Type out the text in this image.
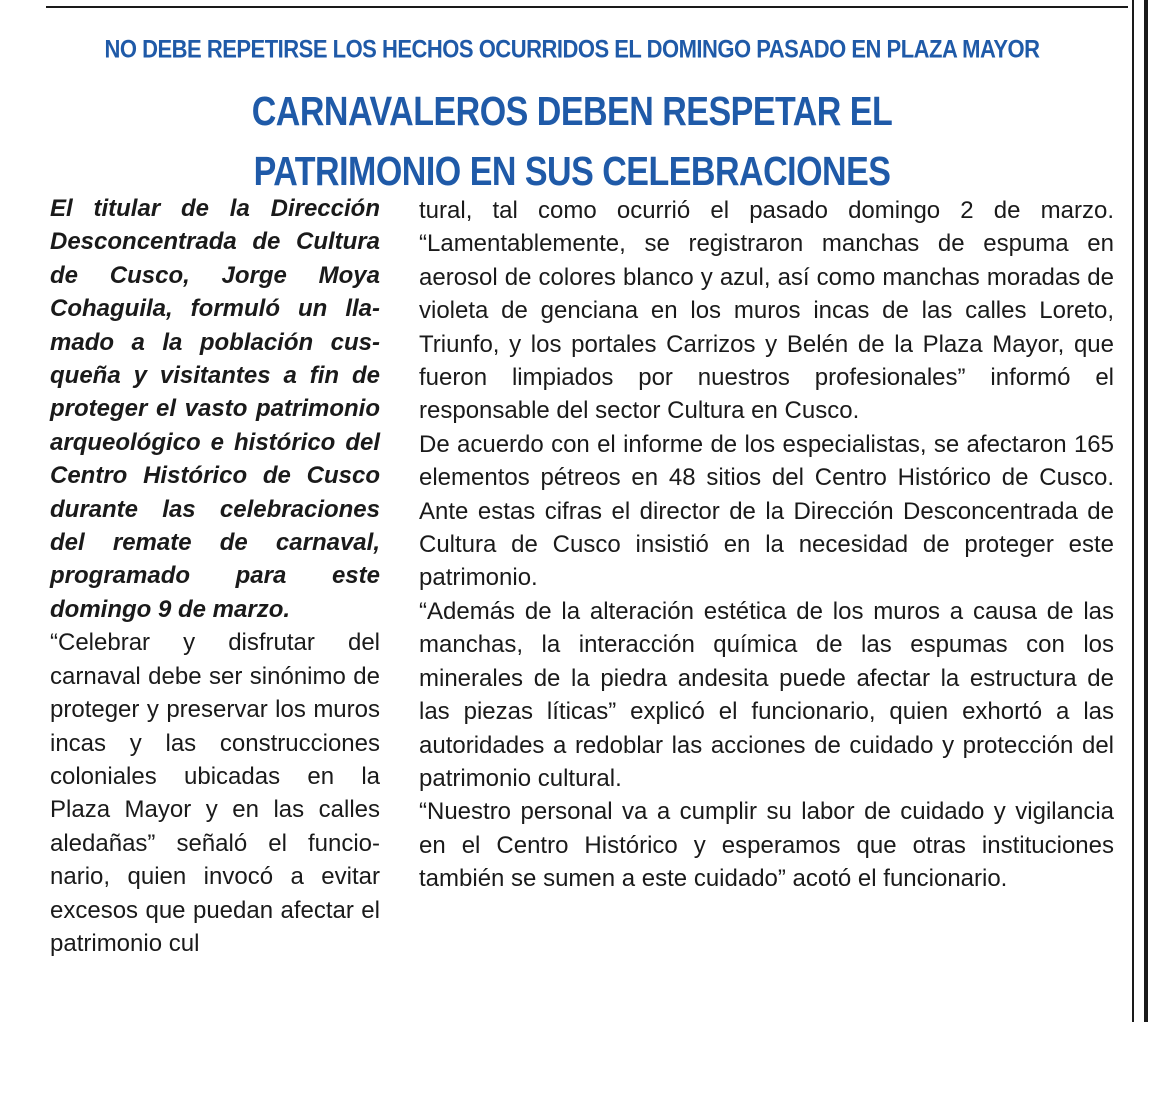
NO DEBE REPETIRSE LOS HECHOS OCURRIDOS EL DOMINGO PASADO EN PLAZA MAYOR
CARNAVALEROS DEBEN RESPETAR EL
PATRIMONIO EN SUS CELEBRACIONES

El titular de la Dirección Desconcentrada de Cultura de Cusco, Jorge Moya Cohaguila, formuló un llamado a la población cusqueña y visitantes a fin de proteger el vasto patrimonio arqueológico e histórico del Centro Histórico de Cusco durante las celebraciones del remate de carnaval, programado para este domingo 9 de marzo.

“Celebrar y disfrutar del carnaval debe ser sinónimo de proteger y preservar los muros incas y las construcciones coloniales ubicadas en la Plaza Mayor y en las calles aledañas” señaló el funcionario, quien invocó a evitar excesos que puedan afectar el patrimonio cul

tural, tal como ocurrió el pasado domingo 2 de marzo. “Lamentablemente, se registraron manchas de espuma en aerosol de colores blanco y azul, así como manchas moradas de violeta de genciana en los muros incas de las calles Loreto, Triunfo, y los portales Carrizos y Belén de la Plaza Mayor, que fueron limpiados por nuestros profesionales” informó el responsable del sector Cultura en Cusco.

De acuerdo con el informe de los especialistas, se afectaron 165 elementos pétreos en 48 sitios del Centro Histórico de Cusco. Ante estas cifras el director de la Dirección Desconcentrada de Cultura de Cusco insistió en la necesidad de proteger este patrimonio.

“Además de la alteración estética de los muros a causa de las manchas, la interacción química de las espumas con los minerales de la piedra andesita puede afectar la estructura de las piezas líticas” explicó el funcionario, quien exhortó a las autoridades a redoblar las acciones de cuidado y protección del patrimonio cultural.

“Nuestro personal va a cumplir su labor de cuidado y vigilancia en el Centro Histórico y esperamos que otras instituciones también se sumen a este cuidado” acotó el funcionario.
